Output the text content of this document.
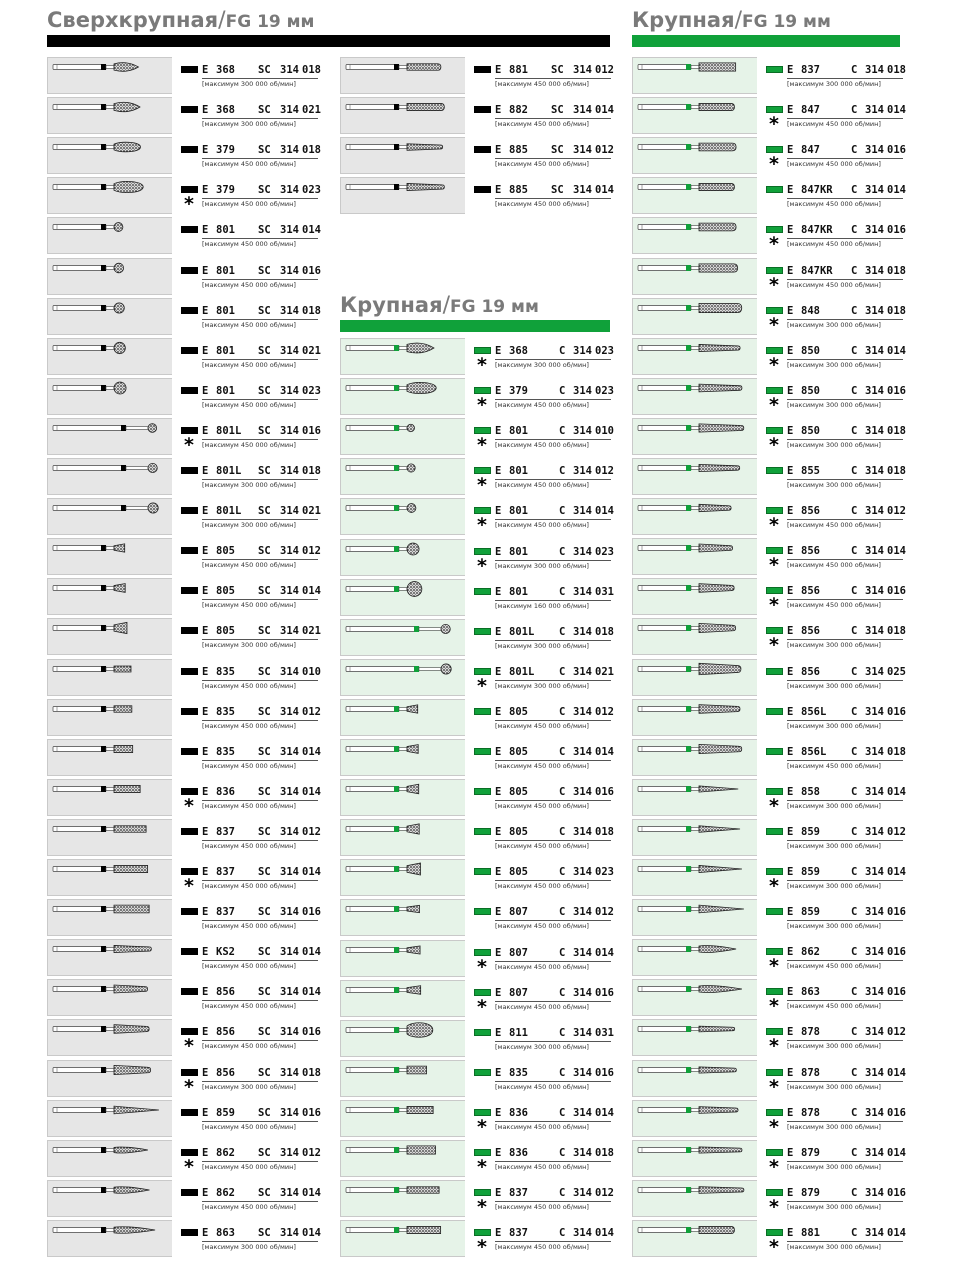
Сверхкрупная/FG 19 мм
Крупная/FG 19 мм
Крупная/FG 19 мм
E 368 SC 314 018
[максимум 300 000 об/мин]
E 368 SC 314 021
[максимум 300 000 об/мин]
E 379 SC 314 018
[максимум 450 000 об/мин]
*
E 379 SC 314 023
[максимум 450 000 об/мин]
E 801 SC 314 014
[максимум 450 000 об/мин]
E 801 SC 314 016
[максимум 450 000 об/мин]
E 801 SC 314 018
[максимум 450 000 об/мин]
E 801 SC 314 021
[максимум 450 000 об/мин]
E 801 SC 314 023
[максимум 450 000 об/мин]
*
E 801L SC 314 016
[максимум 450 000 об/мин]
E 801L SC 314 018
[максимум 300 000 об/мин]
E 801L SC 314 021
[максимум 300 000 об/мин]
E 805 SC 314 012
[максимум 450 000 об/мин]
E 805 SC 314 014
[максимум 450 000 об/мин]
E 805 SC 314 021
[максимум 300 000 об/мин]
E 835 SC 314 010
[максимум 450 000 об/мин]
E 835 SC 314 012
[максимум 450 000 об/мин]
E 835 SC 314 014
[максимум 450 000 об/мин]
*
E 836 SC 314 014
[максимум 450 000 об/мин]
E 837 SC 314 012
[максимум 450 000 об/мин]
*
E 837 SC 314 014
[максимум 450 000 об/мин]
E 837 SC 314 016
[максимум 450 000 об/мин]
E KS2 SC 314 014
[максимум 450 000 об/мин]
E 856 SC 314 014
[максимум 450 000 об/мин]
*
E 856 SC 314 016
[максимум 450 000 об/мин]
*
E 856 SC 314 018
[максимум 300 000 об/мин]
E 859 SC 314 016
[максимум 450 000 об/мин]
*
E 862 SC 314 012
[максимум 450 000 об/мин]
E 862 SC 314 014
[максимум 450 000 об/мин]
E 863 SC 314 014
[максимум 300 000 об/мин]
E 881 SC 314 012
[максимум 450 000 об/мин]
E 882 SC 314 014
[максимум 450 000 об/мин]
E 885 SC 314 012
[максимум 450 000 об/мин]
E 885 SC 314 014
[максимум 450 000 об/мин]
*
E 368	C 314 023
[максимум 300 000 об/мин]
*
E 379	C 314 023
[максимум 450 000 об/мин]
*
E 801	C 314 010
[максимум 450 000 об/мин]
*
E 801	C 314 012
[максимум 450 000 об/мин]
*
E 801	C 314 014
[максимум 450 000 об/мин]
*
E 801	C 314 023
[максимум 300 000 об/мин]
E 801	C 314 031
[максимум 160 000 об/мин]
E 801L C 314 018
[максимум 300 000 об/мин]
*
E 801L C 314 021
[максимум 300 000 об/мин]
E 805	C 314 012
[максимум 450 000 об/мин]
E 805	C 314 014
[максимум 450 000 об/мин]
E 805	C 314 016
[максимум 450 000 об/мин]
E 805	C 314 018
[максимум 450 000 об/мин]
E 805	C 314 023
[максимум 450 000 об/мин]
E 807	C 314 012
[максимум 450 000 об/мин]
*
E 807	C 314 014
[максимум 450 000 об/мин]
*
E 807	C 314 016
[максимум 450 000 об/мин]
E 811	C 314 031
[максимум 300 000 об/мин]
E 835	C 314 016
[максимум 450 000 об/мин]
*
E 836	C 314 014
[максимум 450 000 об/мин]
*
E 836	C 314 018
[максимум 450 000 об/мин]
*
E 837	C 314 012
[максимум 450 000 об/мин]
*
E 837	C 314 014
[максимум 450 000 об/мин]
E 837	C 314 018
[максимум 300 000 об/мин]
*
E 847	C 314 014
[максимум 450 000 об/мин]
*
E 847	C 314 016
[максимум 450 000 об/мин]
E 847KR C 314 014
[максимум 450 000 об/мин]
*
E 847KR C 314 016
[максимум 450 000 об/мин]
*
E 847KR C 314 018
[максимум 450 000 об/мин]
*
E 848	C 314 018
[максимум 300 000 об/мин]
*
E 850	C 314 014
[максимум 300 000 об/мин]
*
E 850	C 314 016
[максимум 300 000 об/мин]
*
E 850	C 314 018
[максимум 300 000 об/мин]
E 855	C 314 018
[максимум 300 000 об/мин]
*
E 856	C 314 012
[максимум 450 000 об/мин]
*
E 856	C 314 014
[максимум 450 000 об/мин]
*
E 856	C 314 016
[максимум 450 000 об/мин]
*
E 856	C 314 018
[максимум 300 000 об/мин]
E 856	C 314 025
[максимум 300 000 об/мин]
E 856L C 314 016
[максимум 300 000 об/мин]
E 856L C 314 018
[максимум 450 000 об/мин]
*
E 858	C 314 014
[максимум 300 000 об/мин]
E 859	C 314 012
[максимум 300 000 об/мин]
*
E 859	C 314 014
[максимум 300 000 об/мин]
E 859	C 314 016
[максимум 300 000 об/мин]
*
E 862	C 314 016
[максимум 450 000 об/мин]
*
E 863	C 314 016
[максимум 450 000 об/мин]
*
E 878	C 314 012
[максимум 300 000 об/мин]
*
E 878	C 314 014
[максимум 300 000 об/мин]
*
E 878	C 314 016
[максимум 300 000 об/мин]
*
E 879	C 314 014
[максимум 300 000 об/мин]
*
E 879	C 314 016
[максимум 300 000 об/мин]
*
E 881	C 314 014
[максимум 300 000 об/мин]
